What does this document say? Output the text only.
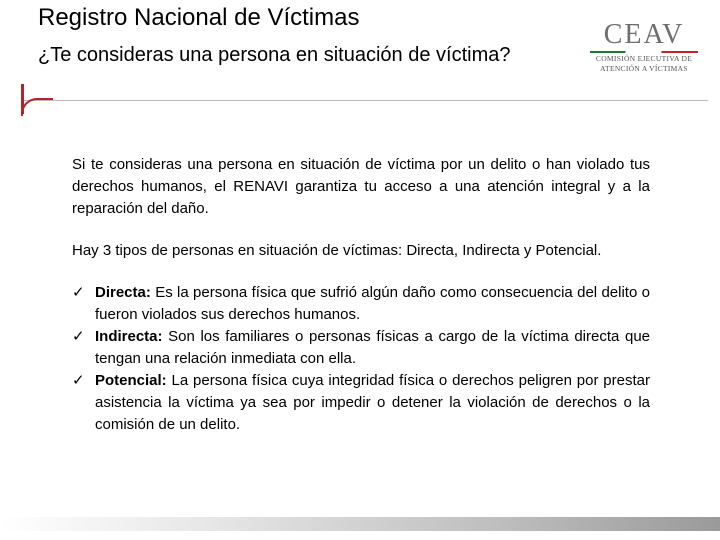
Registro Nacional de Víctimas
¿Te consideras una persona en situación de víctima?
CEAV
COMISIÓN EJECUTIVA DE
ATENCIÓN A VÍCTIMAS

Si te consideras una persona en situación de víctima por un delito o han violado tus derechos humanos, el RENAVI garantiza tu acceso a una atención integral y a la reparación del daño.

Hay 3 tipos de personas en situación de víctimas: Directa, Indirecta y Potencial.

✓ Directa: Es la persona física que sufrió algún daño como consecuencia del delito o fueron violados sus derechos humanos.
✓ Indirecta: Son los familiares o personas físicas a cargo de la víctima directa que tengan una relación inmediata con ella.
✓ Potencial: La persona física cuya integridad física o derechos peligren por prestar asistencia la víctima ya sea por impedir o detener la violación de derechos o la comisión de un delito.
